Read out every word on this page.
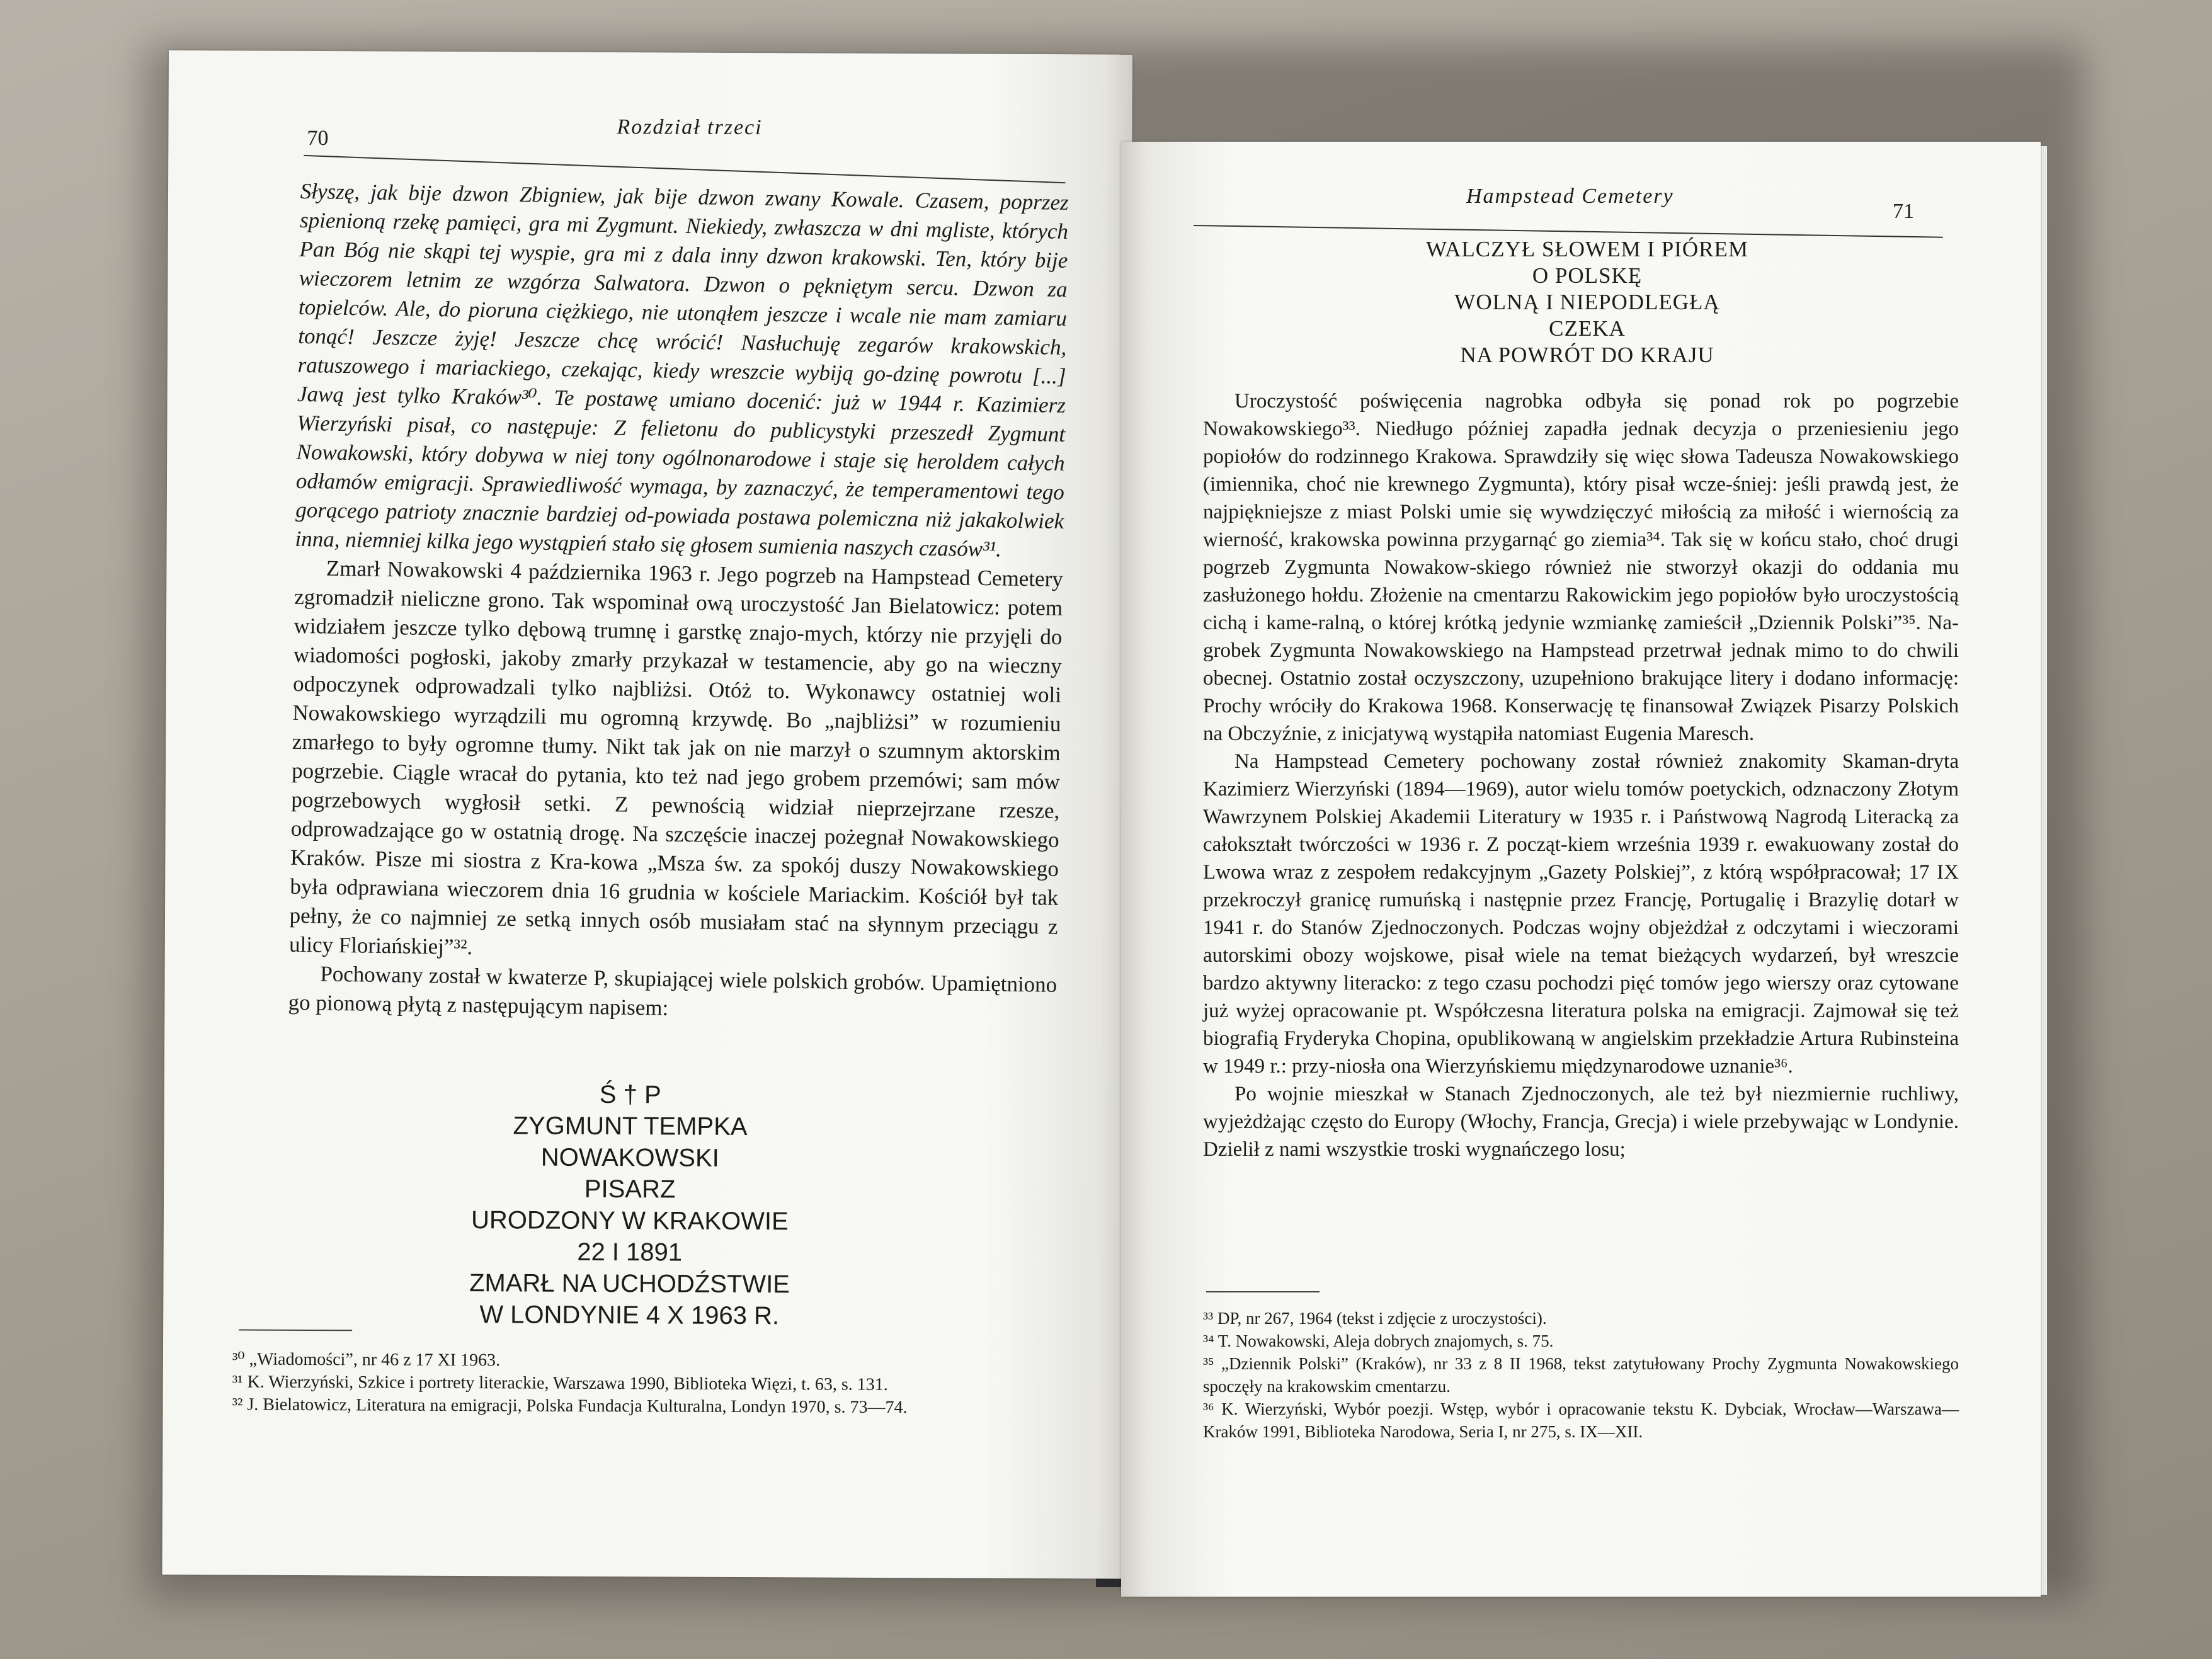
70	Rozdział trzeci

Słyszę, jak bije dzwon Zbigniew, jak bije dzwon zwany Kowale. Czasem, poprzez spienioną rzekę pamięci, gra mi Zygmunt. Niekiedy, zwłaszcza w dni mgliste, których Pan Bóg nie skąpi tej wyspie, gra mi z dala inny dzwon krakowski. Ten, który bije wieczorem letnim ze wzgórza Salwatora. Dzwon o pękniętym sercu. Dzwon za topielców. Ale, do pioruna ciężkiego, nie utonąłem jeszcze i wcale nie mam zamiaru tonąć! Jeszcze żyję! Jeszcze chcę wrócić! Nasłuchuję zegarów krakowskich, ratuszowego i mariackiego, czekając, kiedy wreszcie wybiją go-dzinę powrotu [...] Jawą jest tylko Kraków³⁰. Te postawę umiano docenić: już w 1944 r. Kazimierz Wierzyński pisał, co następuje: Z felietonu do publicystyki przeszedł Zygmunt Nowakowski, który dobywa w niej tony ogólnonarodowe i staje się heroldem całych odłamów emigracji. Sprawiedliwość wymaga, by zaznaczyć, że temperamentowi tego gorącego patrioty znacznie bardziej od-powiada postawa polemiczna niż jakakolwiek inna, niemniej kilka jego wystąpień stało się głosem sumienia naszych czasów³¹.

Zmarł Nowakowski 4 października 1963 r. Jego pogrzeb na Hampstead Cemetery zgromadził nieliczne grono. Tak wspominał ową uroczystość Jan Bielatowicz: potem widziałem jeszcze tylko dębową trumnę i garstkę znajo-mych, którzy nie przyjęli do wiadomości pogłoski, jakoby zmarły przykazał w testamencie, aby go na wieczny odpoczynek odprowadzali tylko najbliżsi. Otóż to. Wykonawcy ostatniej woli Nowakowskiego wyrządzili mu ogromną krzywdę. Bo „najbliżsi” w rozumieniu zmarłego to były ogromne tłumy. Nikt tak jak on nie marzył o szumnym aktorskim pogrzebie. Ciągle wracał do pytania, kto też nad jego grobem przemówi; sam mów pogrzebowych wygłosił setki. Z pewnością widział nieprzejrzane rzesze, odprowadzające go w ostatnią drogę. Na szczęście inaczej pożegnał Nowakowskiego Kraków. Pisze mi siostra z Kra-kowa „Msza św. za spokój duszy Nowakowskiego była odprawiana wieczorem dnia 16 grudnia w kościele Mariackim. Kościół był tak pełny, że co najmniej ze setką innych osób musiałam stać na słynnym przeciągu z ulicy Floriańskiej”³².

Pochowany został w kwaterze P, skupiającej wiele polskich grobów. Upamiętniono go pionową płytą z następującym napisem:

Ś † P
ZYGMUNT TEMPKA
NOWAKOWSKI
PISARZ
URODZONY W KRAKOWIE
22 I 1891
ZMARŁ NA UCHODŹSTWIE
W LONDYNIE 4 X 1963 R.
³⁰ „Wiadomości”, nr 46 z 17 XI 1963.
³¹ K. Wierzyński, Szkice i portrety literackie, Warszawa 1990, Biblioteka Więzi, t. 63, s. 131.
³² J. Bielatowicz, Literatura na emigracji, Polska Fundacja Kulturalna, Londyn 1970, s. 73—74.
Hampstead Cemetery
71
WALCZYŁ SŁOWEM I PIÓREM
O POLSKĘ
WOLNĄ I NIEPODLEGŁĄ
CZEKA
NA POWRÓT DO KRAJU

Uroczystość poświęcenia nagrobka odbyła się ponad rok po pogrzebie Nowakowskiego³³. Niedługo później zapadła jednak decyzja o przeniesieniu jego popiołów do rodzinnego Krakowa. Sprawdziły się więc słowa Tadeusza Nowakowskiego (imiennika, choć nie krewnego Zygmunta), który pisał wcze-śniej: jeśli prawdą jest, że najpiękniejsze z miast Polski umie się wywdzięczyć miłością za miłość i wiernością za wierność, krakowska powinna przygarnąć go ziemia³⁴. Tak się w końcu stało, choć drugi pogrzeb Zygmunta Nowakow-skiego również nie stworzył okazji do oddania mu zasłużonego hołdu. Złożenie na cmentarzu Rakowickim jego popiołów było uroczystością cichą i kame-ralną, o której krótką jedynie wzmiankę zamieścił „Dziennik Polski”³⁵. Na-grobek Zygmunta Nowakowskiego na Hampstead przetrwał jednak mimo to do chwili obecnej. Ostatnio został oczyszczony, uzupełniono brakujące litery i dodano informację: Prochy wróciły do Krakowa 1968. Konserwację tę finansował Związek Pisarzy Polskich na Obczyźnie, z inicjatywą wystąpiła natomiast Eugenia Maresch.

Na Hampstead Cemetery pochowany został również znakomity Skaman-dryta Kazimierz Wierzyński (1894—1969), autor wielu tomów poetyckich, odznaczony Złotym Wawrzynem Polskiej Akademii Literatury w 1935 r. i Państwową Nagrodą Literacką za całokształt twórczości w 1936 r. Z począt-kiem września 1939 r. ewakuowany został do Lwowa wraz z zespołem redakcyjnym „Gazety Polskiej”, z którą współpracował; 17 IX przekroczył granicę rumuńską i następnie przez Francję, Portugalię i Brazylię dotarł w 1941 r. do Stanów Zjednoczonych. Podczas wojny objeżdżał z odczytami i wieczorami autorskimi obozy wojskowe, pisał wiele na temat bieżących wydarzeń, był wreszcie bardzo aktywny literacko: z tego czasu pochodzi pięć tomów jego wierszy oraz cytowane już wyżej opracowanie pt. Współczesna literatura polska na emigracji. Zajmował się też biografią Fryderyka Chopina, opublikowaną w angielskim przekładzie Artura Rubinsteina w 1949 r.: przy-niosła ona Wierzyńskiemu międzynarodowe uznanie³⁶.

Po wojnie mieszkał w Stanach Zjednoczonych, ale też był niezmiernie ruchliwy, wyjeżdżając często do Europy (Włochy, Francja, Grecja) i wiele przebywając w Londynie. Dzielił z nami wszystkie troski wygnańczego losu;

³³ DP, nr 267, 1964 (tekst i zdjęcie z uroczystości).
³⁴ T. Nowakowski, Aleja dobrych znajomych, s. 75.
³⁵ „Dziennik Polski” (Kraków), nr 33 z 8 II 1968, tekst zatytułowany Prochy Zygmunta Nowakowskiego spoczęły na krakowskim cmentarzu.
³⁶ K. Wierzyński, Wybór poezji. Wstęp, wybór i opracowanie tekstu K. Dybciak, Wrocław—Warszawa—Kraków 1991, Biblioteka Narodowa, Seria I, nr 275, s. IX—XII.
